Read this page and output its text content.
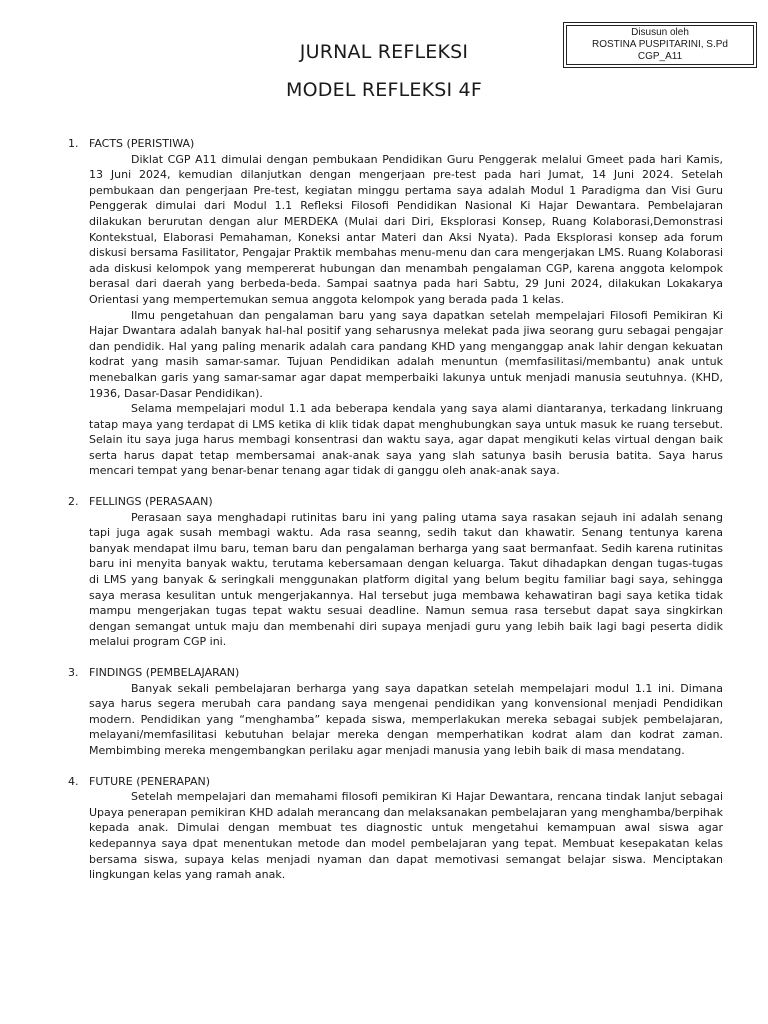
Disusun oleh
ROSTINA PUSPITARINI, S.Pd
CGP_A11
JURNAL REFLEKSI
MODEL REFLEKSI 4F
1. FACTS (PERISTIWA)

Diklat CGP A11 dimulai dengan pembukaan Pendidikan Guru Penggerak melalui Gmeet pada hari Kamis, 13 Juni 2024, kemudian dilanjutkan dengan mengerjaan pre-test pada hari Jumat, 14 Juni 2024. Setelah pembukaan dan pengerjaan Pre-test, kegiatan minggu pertama saya adalah Modul 1 Paradigma dan Visi Guru Penggerak dimulai dari Modul 1.1 Refleksi Filosofi Pendidikan Nasional Ki Hajar Dewantara. Pembelajaran dilakukan berurutan dengan alur MERDEKA (Mulai dari Diri, Eksplorasi Konsep, Ruang Kolaborasi,Demonstrasi Kontekstual, Elaborasi Pemahaman, Koneksi antar Materi dan Aksi Nyata). Pada Eksplorasi konsep ada forum diskusi bersama Fasilitator, Pengajar Praktik membahas menu-menu dan cara mengerjakan LMS. Ruang Kolaborasi ada diskusi kelompok yang mempererat hubungan dan menambah pengalaman CGP, karena anggota kelompok berasal dari daerah yang berbeda-beda. Sampai saatnya pada hari Sabtu, 29 Juni 2024, dilakukan Lokakarya Orientasi yang mempertemukan semua anggota kelompok yang berada pada 1 kelas.

Ilmu pengetahuan dan pengalaman baru yang saya dapatkan setelah mempelajari Filosofi Pemikiran Ki Hajar Dwantara adalah banyak hal-hal positif yang seharusnya melekat pada jiwa seorang guru sebagai pengajar dan pendidik. Hal yang paling menarik adalah cara pandang KHD yang menganggap anak lahir dengan kekuatan kodrat yang masih samar-samar. Tujuan Pendidikan adalah menuntun (memfasilitasi/membantu) anak untuk menebalkan garis yang samar-samar agar dapat memperbaiki lakunya untuk menjadi manusia seutuhnya. (KHD, 1936, Dasar-Dasar Pendidikan).

Selama mempelajari modul 1.1 ada beberapa kendala yang saya alami diantaranya, terkadang linkruang tatap maya yang terdapat di LMS ketika di klik tidak dapat menghubungkan saya untuk masuk ke ruang tersebut. Selain itu saya juga harus membagi konsentrasi dan waktu saya, agar dapat mengikuti kelas virtual dengan baik serta harus dapat tetap membersamai anak-anak saya yang slah satunya basih berusia batita. Saya harus mencari tempat yang benar-benar tenang agar tidak di ganggu oleh anak-anak saya.

2. FELLINGS (PERASAAN)

Perasaan saya menghadapi rutinitas baru ini yang paling utama saya rasakan sejauh ini adalah senang tapi juga agak susah membagi waktu. Ada rasa seanng, sedih takut dan khawatir. Senang tentunya karena banyak mendapat ilmu baru, teman baru dan pengalaman berharga yang saat bermanfaat. Sedih karena rutinitas baru ini menyita banyak waktu, terutama kebersamaan dengan keluarga. Takut dihadapkan dengan tugas-tugas di LMS yang banyak & seringkali menggunakan platform digital yang belum begitu familiar bagi saya, sehingga saya merasa kesulitan untuk mengerjakannya. Hal tersebut juga membawa kehawatiran bagi saya ketika tidak mampu mengerjakan tugas tepat waktu sesuai deadline. Namun semua rasa tersebut dapat saya singkirkan dengan semangat untuk maju dan membenahi diri supaya menjadi guru yang lebih baik lagi bagi peserta didik melalui program CGP ini.

3. FINDINGS (PEMBELAJARAN)

Banyak sekali pembelajaran berharga yang saya dapatkan setelah mempelajari modul 1.1 ini. Dimana saya harus segera merubah cara pandang saya mengenai pendidikan yang konvensional menjadi Pendidikan modern. Pendidikan yang “menghamba” kepada siswa, memperlakukan mereka sebagai subjek pembelajaran, melayani/memfasilitasi kebutuhan belajar mereka dengan memperhatikan kodrat alam dan kodrat zaman. Membimbing mereka mengembangkan perilaku agar menjadi manusia yang lebih baik di masa mendatang.

4. FUTURE (PENERAPAN)

Setelah mempelajari dan memahami filosofi pemikiran Ki Hajar Dewantara, rencana tindak lanjut sebagai Upaya penerapan pemikiran KHD adalah merancang dan melaksanakan pembelajaran yang menghamba/berpihak kepada anak. Dimulai dengan membuat tes diagnostic untuk mengetahui kemampuan awal siswa agar kedepannya saya dpat menentukan metode dan model pembelajaran yang tepat. Membuat kesepakatan kelas bersama siswa, supaya kelas menjadi nyaman dan dapat memotivasi semangat belajar siswa. Menciptakan lingkungan kelas yang ramah anak.
